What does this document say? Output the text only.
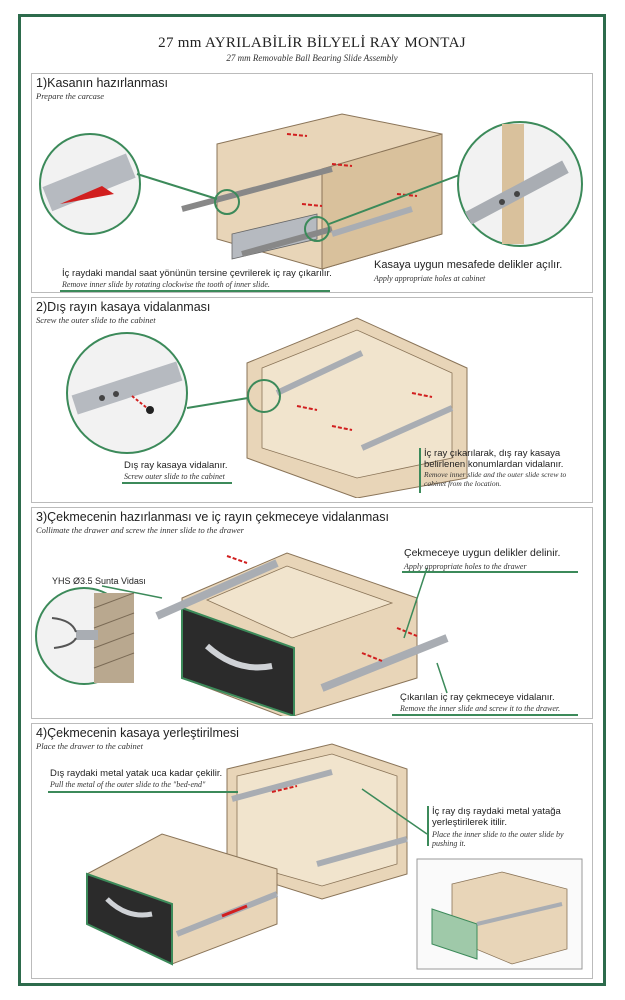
27 mm AYRILABİLİR BİLYELİ RAY MONTAJ
27 mm Removable Ball Bearing Slide Assembly
1)Kasanın hazırlanması
Prepare the carcase
İç raydaki mandal saat yönünün tersine çevrilerek iç ray çıkarılır.
Remove inner slide by rotating clockwise the tooth of inner slide.
Kasaya uygun mesafede delikler açılır.
Apply appropriate holes at cabinet
2)Dış rayın kasaya vidalanması
Screw the outer slide to the cabinet
Dış ray kasaya vidalanır.
Screw outer slide to the cabinet
İç ray çıkarılarak, dış ray kasaya belirlenen konumlardan vidalanır.
Remove inner slide and the outer slide screw to cabinet from the location.
3)Çekmecenin hazırlanması ve iç rayın çekmeceye vidalanması
Collimate the drawer and screw the inner slide to the drawer
YHS Ø3.5 Sunta Vidası
Çekmeceye uygun delikler delinir.
Apply appropriate holes to the drawer
Çıkarılan iç ray çekmeceye vidalanır.
Remove the inner slide and screw it to the drawer.
4)Çekmecenin kasaya yerleştirilmesi
Place the drawer to the cabinet
Dış raydaki metal yatak uca kadar çekilir.
Pull the metal of the outer slide to the "bed-end"
İç ray dış raydaki metal yatağa yerleştirilerek itilir.
Place the inner slide to the outer slide by pushing it.
